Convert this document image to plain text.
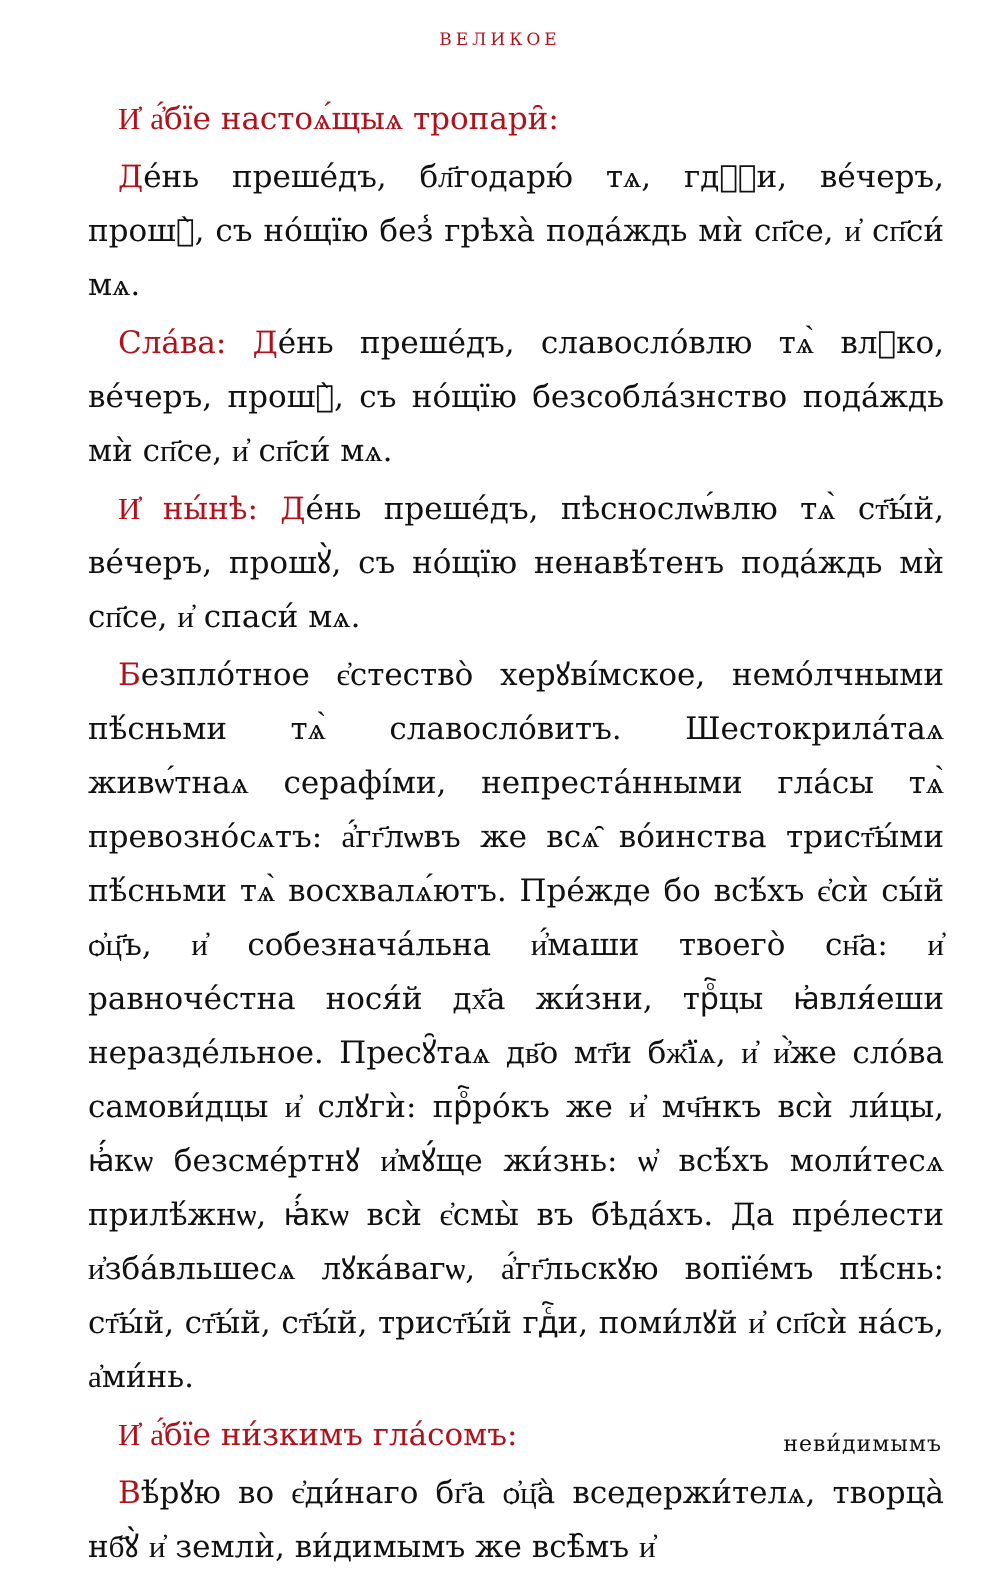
ВЕЛИКОЕ

И҆ а҆́бїе настоѧ́щыѧ тропари̑:

Де́нь преше́дъ, бл҃годарю́ тѧ, гдⷭ҇и, ве́черъ, прошꙋ̀, съ но́щїю без̾ грѣха̀ пода́ждь мѝ сп҃се, и҆ сп҃си́ мѧ.

Сла́ва: Де́нь преше́дъ, славосло́влю тѧ̀ влⷣко, ве́черъ, прошꙋ̀, съ но́щїю безсобла́знство пода́ждь мѝ сп҃се, и҆ сп҃си́ мѧ.

И҆ ны́нѣ: Де́нь преше́дъ, пѣснослѡ́влю тѧ̀ ст҃ы́й, ве́черъ, прошꙋ̀, съ но́щїю ненавѣ́тенъ пода́ждь мѝ сп҃се, и҆ спаси́ мѧ.

Безпло́тное є҆стество̀ херꙋві́мское, немо́лчными пѣ́сньми тѧ̀ славосло́витъ. Шестокрила́таѧ живѡ́тнаѧ серафі́ми, непреста́нными гла́сы тѧ̀ превозно́сѧтъ: а҆́гг҃лѡвъ же всѧ̑ во́инства трист҃ы́ми пѣ́сньми тѧ̀ восхвалѧ́ютъ. Пре́жде бо всѣ́хъ є҆сѝ сы́й ѻ҆ц҃ъ, и҆ собезнача́льна и҆́маши твоего̀ сн҃а: и҆ равноче́стна нося́й дх҃а жи́зни, трⷪ҇цы ꙗ҆вля́еши неразде́льное. Пресꙋ̑таѧ дв҃о мт҃и бж҃їѧ, и҆ и҆̀же сло́ва самови́дцы и҆ слꙋгѝ: прⷪ҇ро́къ же и҆ мч҃нкъ всѝ ли́цы, ꙗ҆́кѡ безсме́ртнꙋ и҆мꙋ́ще жи́знь: ѡ҆ всѣ́хъ моли́тесѧ прилѣ́жнѡ, ꙗ҆́кѡ всѝ є҆смы̀ въ бѣда́хъ. Да пре́лести и҆зба́вльшесѧ лꙋка́вагѡ, а҆́гг҃льскꙋю вопїе́мъ пѣ́снь: ст҃ы́й, ст҃ы́й, ст҃ы́й, трист҃ы́й гдⷭ҇и, поми́лꙋй и҆ сп҃сѝ на́съ, а҆ми́нь.

И҆ а҆́бїе ни́зкимъ гла́сомъ:

Вѣ́рꙋю во є҆ди́наго бг҃а ѻ҆ц҃а̀ вседержи́телѧ, творца̀ нб҃ꙋ̀ и҆ землѝ, ви́димымъ же всѣ̑мъ и҆

неви́димымъ
